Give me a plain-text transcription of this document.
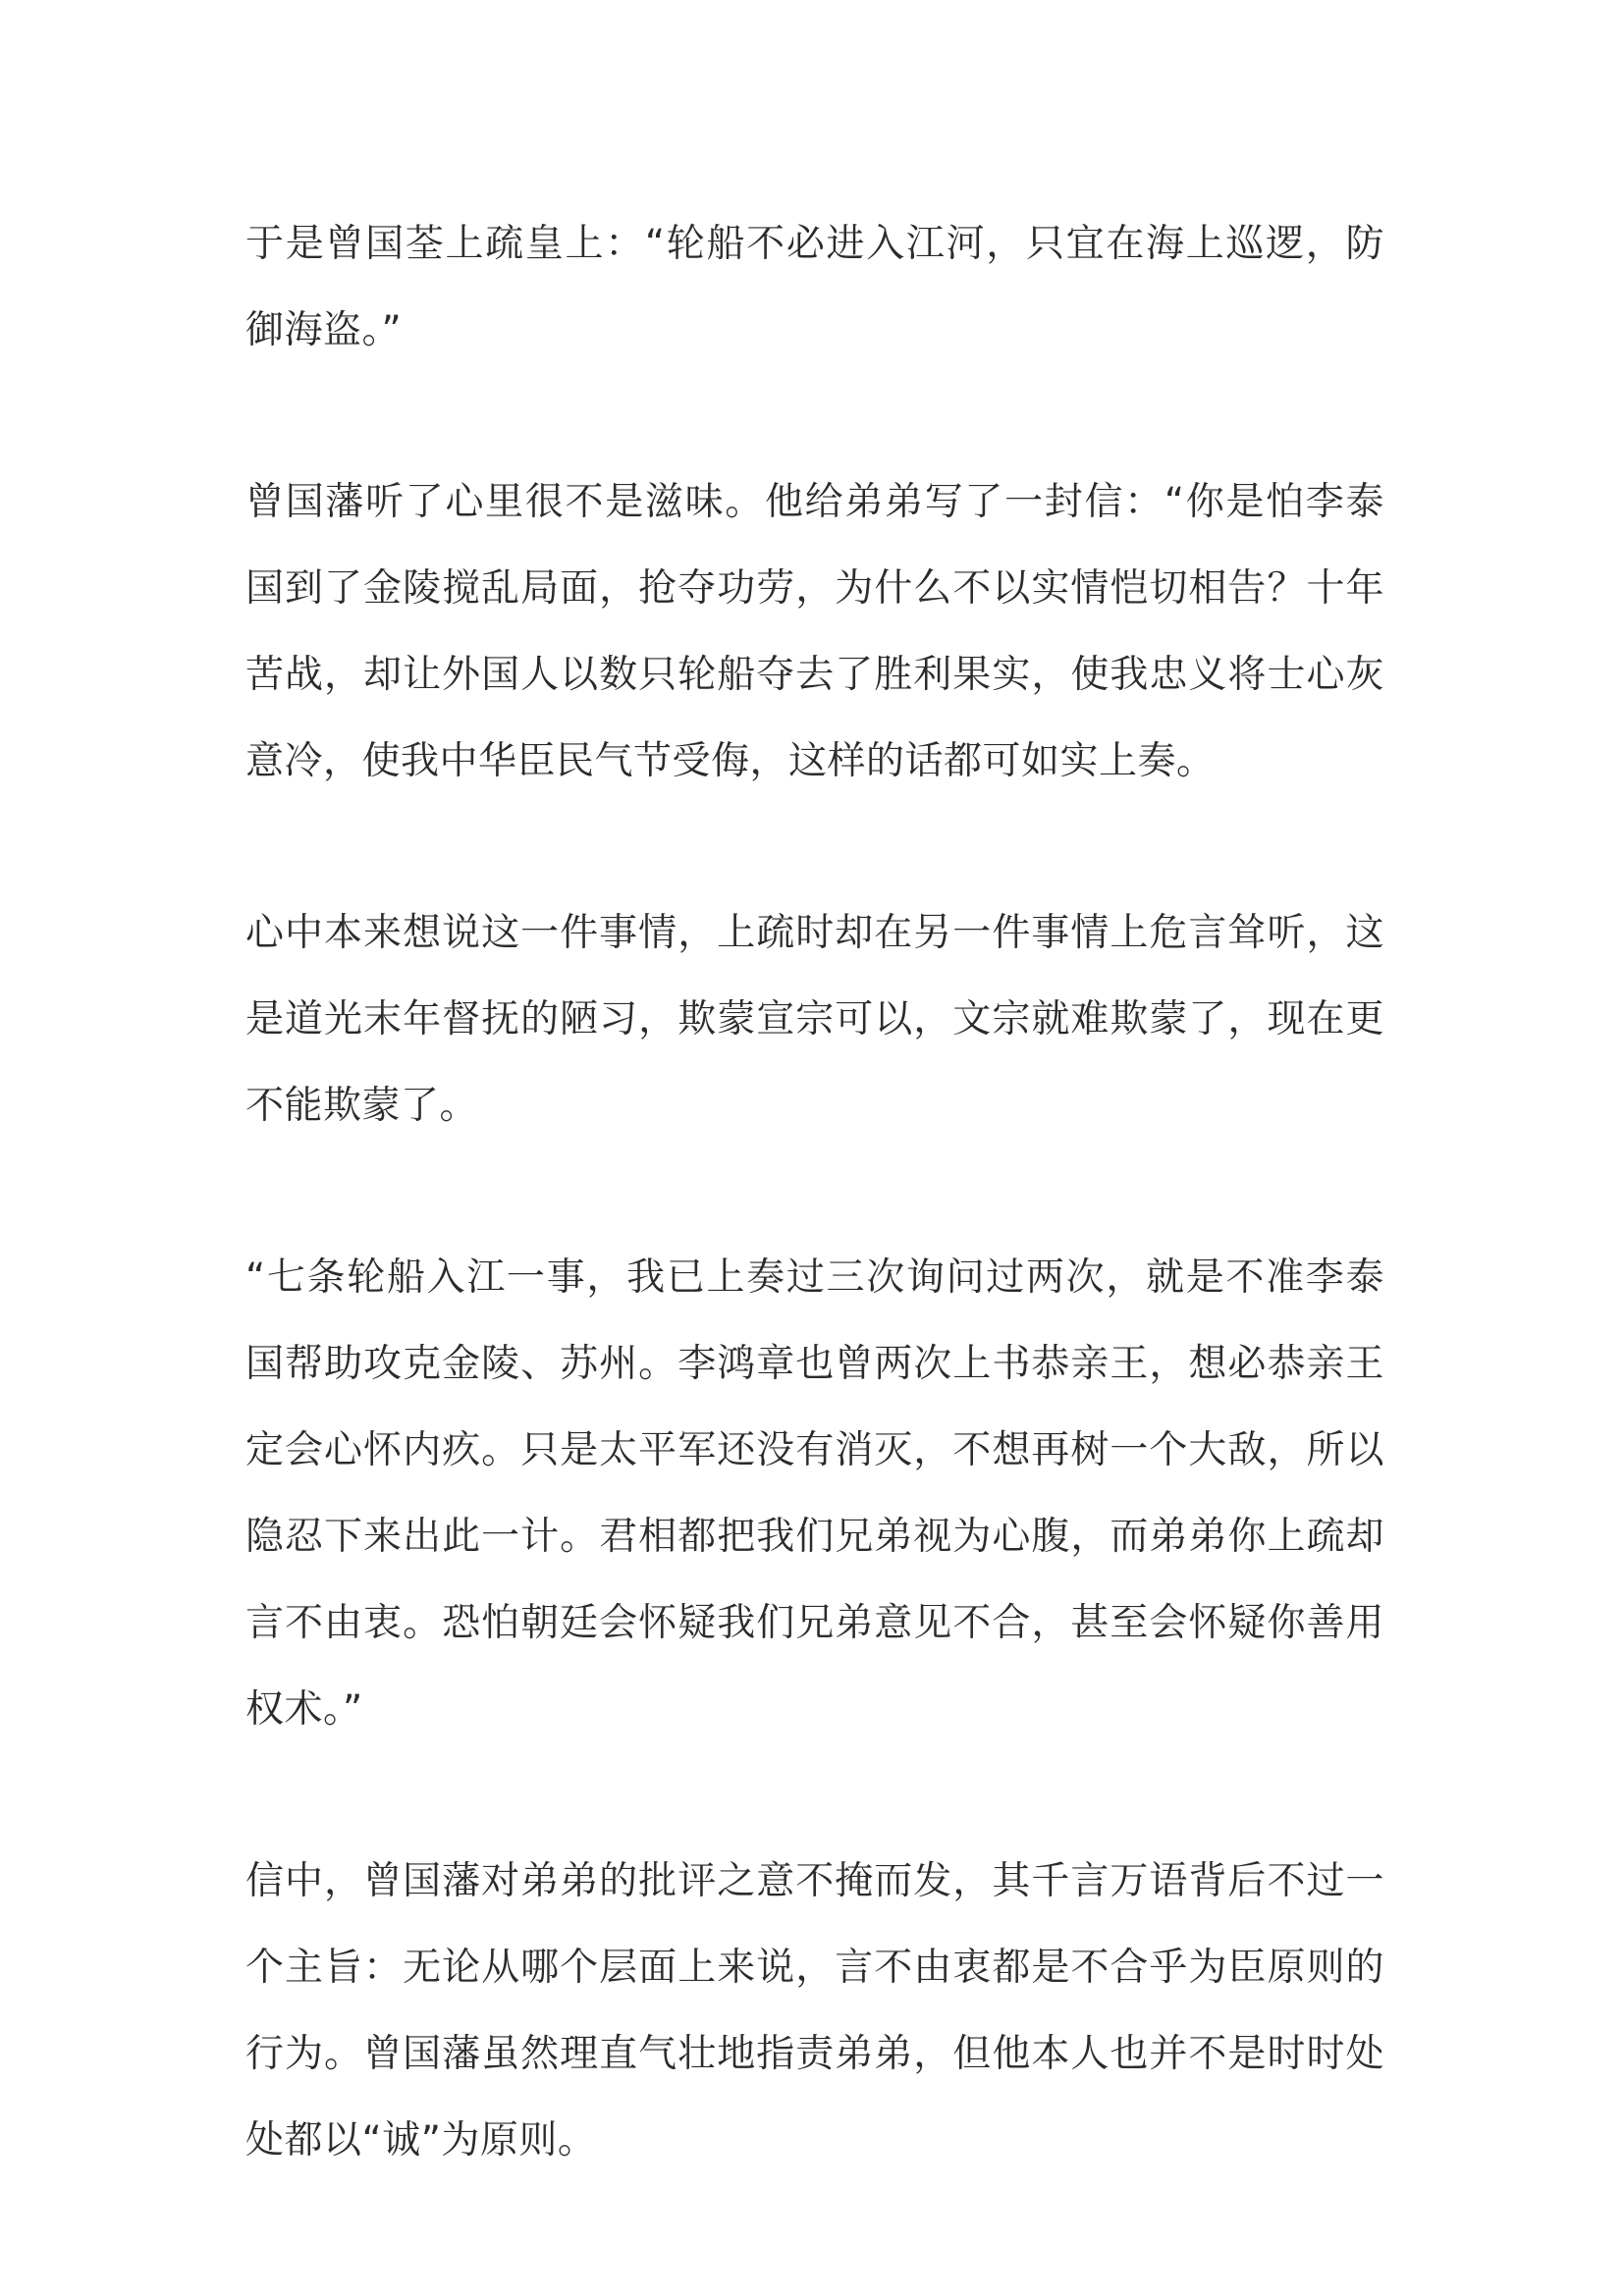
于是曾国荃上疏皇上：“轮船不必进入江河，只宜在海上巡逻，防御海盗。”

曾国藩听了心里很不是滋味。他给弟弟写了一封信：“你是怕李泰国到了金陵搅乱局面，抢夺功劳，为什么不以实情恺切相告？十年苦战，却让外国人以数只轮船夺去了胜利果实，使我忠义将士心灰意冷，使我中华臣民气节受侮，这样的话都可如实上奏。

心中本来想说这一件事情，上疏时却在另一件事情上危言耸听，这是道光末年督抚的陋习，欺蒙宣宗可以，文宗就难欺蒙了，现在更不能欺蒙了。

“七条轮船入江一事，我已上奏过三次询问过两次，就是不准李泰国帮助攻克金陵、苏州。李鸿章也曾两次上书恭亲王，想必恭亲王定会心怀内疚。只是太平军还没有消灭，不想再树一个大敌，所以隐忍下来出此一计。君相都把我们兄弟视为心腹，而弟弟你上疏却言不由衷。恐怕朝廷会怀疑我们兄弟意见不合，甚至会怀疑你善用权术。”

信中，曾国藩对弟弟的批评之意不掩而发，其千言万语背后不过一个主旨：无论从哪个层面上来说，言不由衷都是不合乎为臣原则的行为。曾国藩虽然理直气壮地指责弟弟，但他本人也并不是时时处处都以“诚”为原则。
